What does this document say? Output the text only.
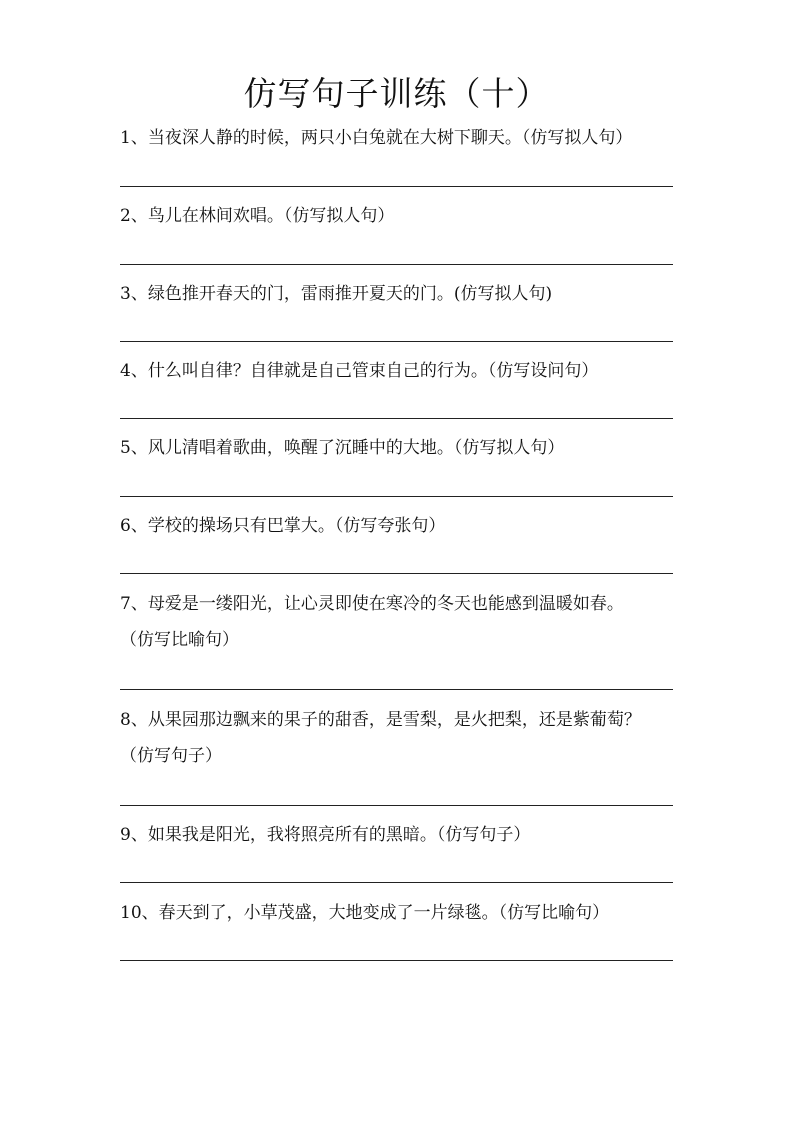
仿写句子训练（十）
1、当夜深人静的时候，两只小白兔就在大树下聊天。（仿写拟人句）
2、鸟儿在林间欢唱。（仿写拟人句）
3、绿色推开春天的门，雷雨推开夏天的门。(仿写拟人句)
4、什么叫自律？自律就是自己管束自己的行为。（仿写设问句）
5、风儿清唱着歌曲，唤醒了沉睡中的大地。（仿写拟人句）
6、学校的操场只有巴掌大。（仿写夸张句）
7、母爱是一缕阳光，让心灵即使在寒冷的冬天也能感到温暖如春。
（仿写比喻句）
8、从果园那边飘来的果子的甜香，是雪梨，是火把梨，还是紫葡萄？
（仿写句子）
9、如果我是阳光，我将照亮所有的黑暗。（仿写句子）
10、春天到了，小草茂盛，大地变成了一片绿毯。（仿写比喻句）
